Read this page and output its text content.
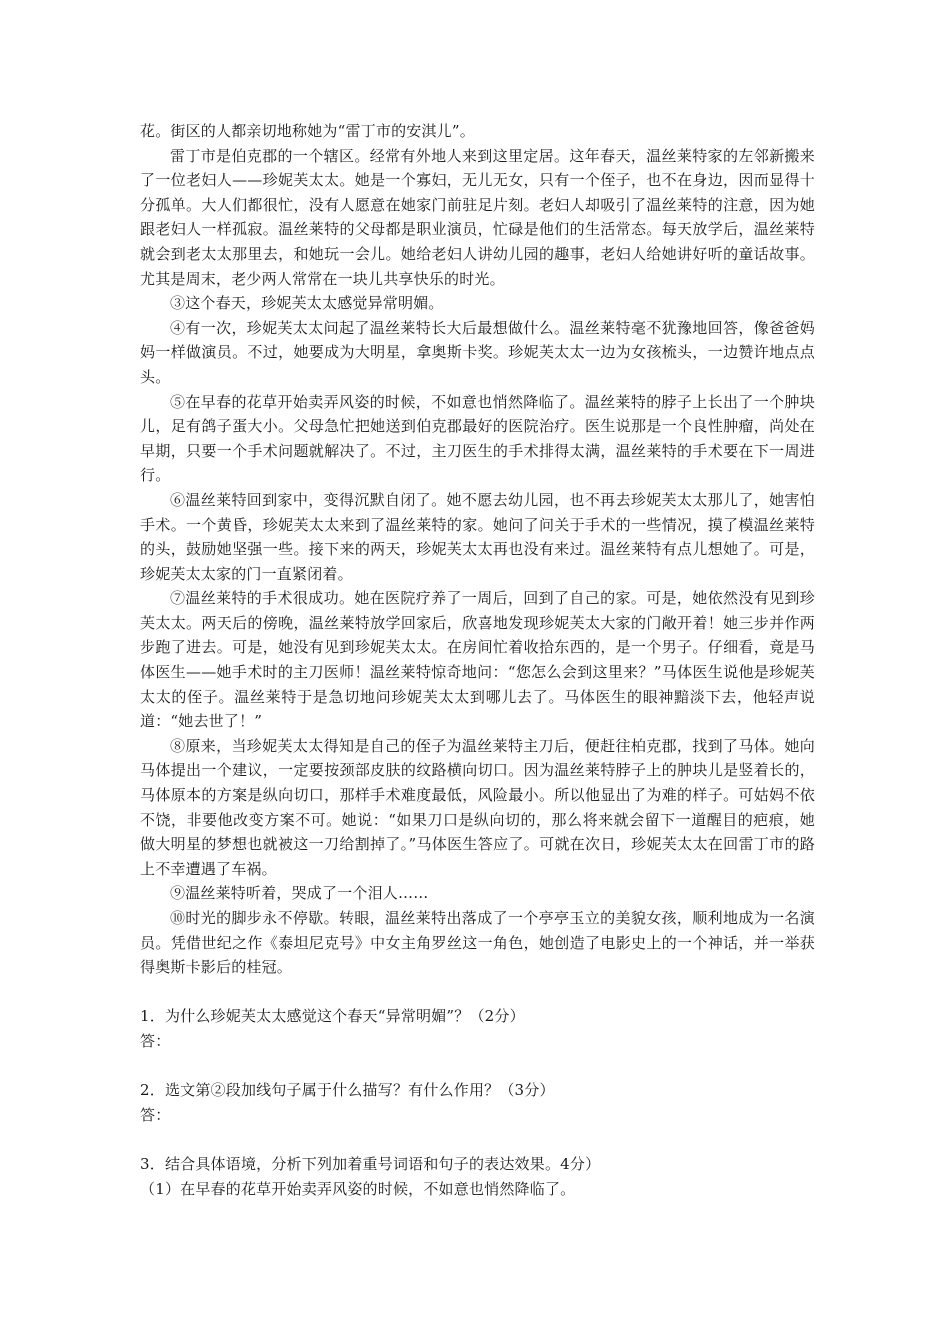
花。街区的人都亲切地称她为“雷丁市的安淇儿”。

雷丁市是伯克郡的一个辖区。经常有外地人来到这里定居。这年春天，温丝莱特家的左邻新搬来了一位老妇人——珍妮芙太太。她是一个寡妇，无儿无女，只有一个侄子，也不在身边，因而显得十分孤单。大人们都很忙，没有人愿意在她家门前驻足片刻。老妇人却吸引了温丝莱特的注意，因为她跟老妇人一样孤寂。温丝莱特的父母都是职业演员，忙碌是他们的生活常态。每天放学后，温丝莱特就会到老太太那里去，和她玩一会儿。她给老妇人讲幼儿园的趣事，老妇人给她讲好听的童话故事。尤其是周末，老少两人常常在一块儿共享快乐的时光。

③这个春天，珍妮芙太太感觉异常明媚。

④有一次，珍妮芙太太问起了温丝莱特长大后最想做什么。温丝莱特毫不犹豫地回答，像爸爸妈妈一样做演员。不过，她要成为大明星，拿奥斯卡奖。珍妮芙太太一边为女孩梳头，一边赞许地点点头。

⑤在早春的花草开始卖弄风姿的时候，不如意也悄然降临了。温丝莱特的脖子上长出了一个肿块儿，足有鸽子蛋大小。父母急忙把她送到伯克郡最好的医院治疗。医生说那是一个良性肿瘤，尚处在早期，只要一个手术问题就解决了。不过，主刀医生的手术排得太满，温丝莱特的手术要在下一周进行。

⑥温丝莱特回到家中，变得沉默自闭了。她不愿去幼儿园，也不再去珍妮芙太太那儿了，她害怕手术。一个黄昏，珍妮芙太太来到了温丝莱特的家。她问了问关于手术的一些情况，摸了模温丝莱特的头，鼓励她坚强一些。接下来的两天，珍妮芙太太再也没有来过。温丝莱特有点儿想她了。可是，珍妮芙太太家的门一直紧闭着。

⑦温丝莱特的手术很成功。她在医院疗养了一周后，回到了自己的家。可是，她依然没有见到珍芙太太。两天后的傍晚，温丝莱特放学回家后，欣喜地发现珍妮芙太大家的门敞开着！她三步并作两步跑了进去。可是，她没有见到珍妮芙太太。在房间忙着收拾东西的，是一个男子。仔细看，竟是马体医生——她手术时的主刀医师！温丝莱特惊奇地问：“您怎么会到这里来？”马体医生说他是珍妮芙太太的侄子。温丝莱特于是急切地问珍妮芙太太到哪儿去了。马体医生的眼神黯淡下去，他轻声说道：“她去世了！”

⑧原来，当珍妮芙太太得知是自己的侄子为温丝莱特主刀后，便赶往柏克郡，找到了马体。她向马体提出一个建议，一定要按颈部皮肤的纹路横向切口。因为温丝莱特脖子上的肿块儿是竖着长的，马体原本的方案是纵向切口，那样手术难度最低，风险最小。所以他显出了为难的样子。可姑妈不依不饶，非要他改变方案不可。她说：“如果刀口是纵向切的，那么将来就会留下一道醒目的疤痕，她做大明星的梦想也就被这一刀给割掉了。”马体医生答应了。可就在次日，珍妮芙太太在回雷丁市的路上不幸遭遇了车祸。

⑨温丝莱特听着，哭成了一个泪人……

⑩时光的脚步永不停歇。转眼，温丝莱特出落成了一个亭亭玉立的美貌女孩，顺利地成为一名演员。凭借世纪之作《泰坦尼克号》中女主角罗丝这一角色，她创造了电影史上的一个神话，并一举获得奥斯卡影后的桂冠。

1．为什么珍妮芙太太感觉这个春天“异常明媚”？（2分）

答：

2．选文第②段加线句子属于什么描写？有什么作用？（3分）

答：

3．结合具体语境，分析下列加着重号词语和句子的表达效果。4分）

（1）在早春的花草开始卖弄风姿的时候，不如意也悄然降临了。
